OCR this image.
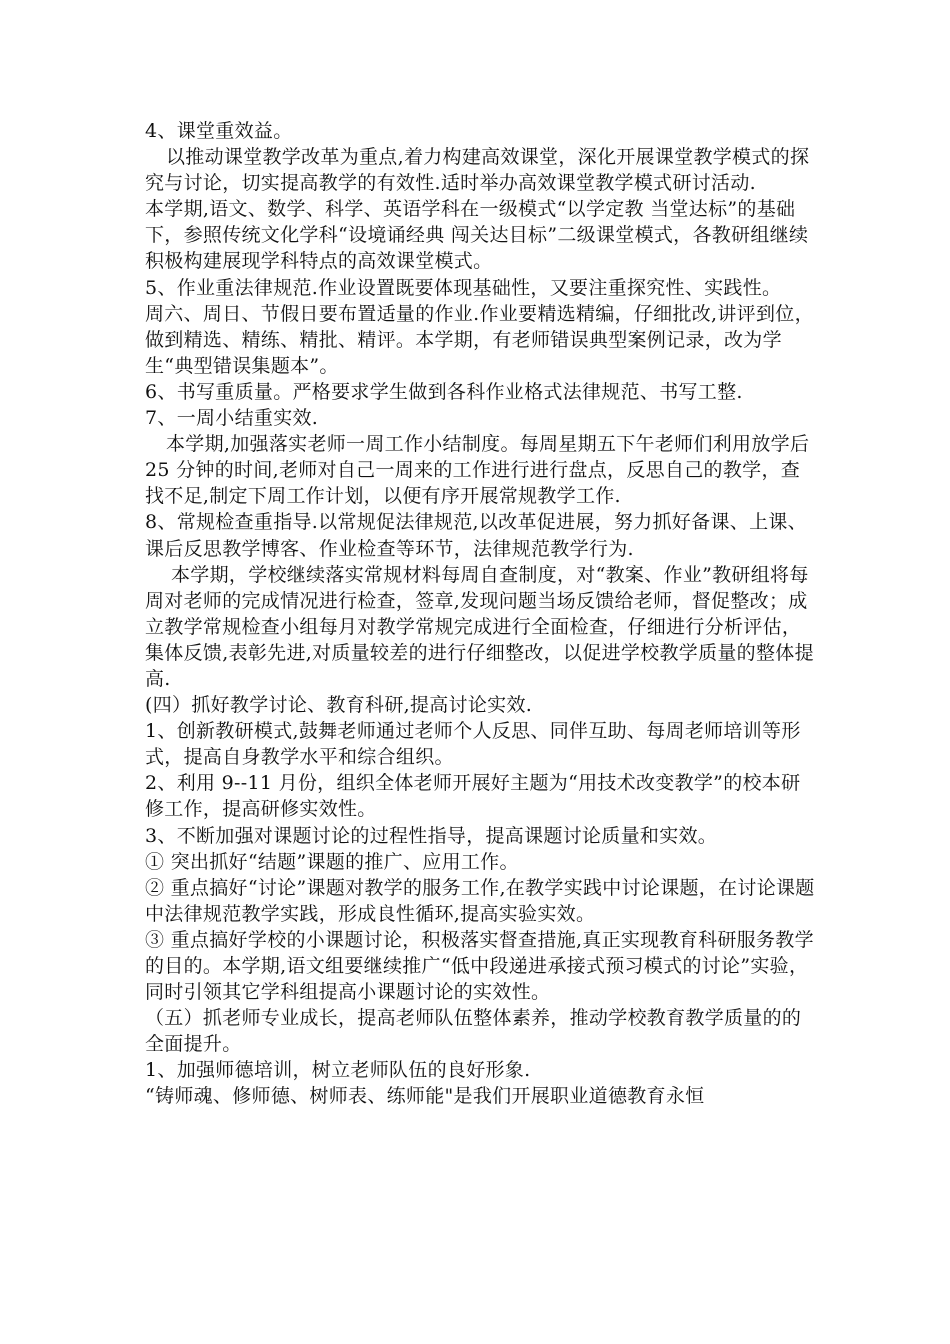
4、课堂重效益。

以推动课堂教学改革为重点,着力构建高效课堂，深化开展课堂教学模式的探究与讨论，切实提高教学的有效性.适时举办高效课堂教学模式研讨活动.

本学期,语文、数学、科学、英语学科在一级模式“以学定教 当堂达标”的基础下，参照传统文化学科“设境诵经典 闯关达目标”二级课堂模式，各教研组继续积极构建展现学科特点的高效课堂模式。

5、作业重法律规范.作业设置既要体现基础性，又要注重探究性、实践性。

周六、周日、节假日要布置适量的作业.作业要精选精编，仔细批改,讲评到位，做到精选、精练、精批、精评。本学期，有老师错误典型案例记录，改为学生“典型错误集题本”。

6、书写重质量。严格要求学生做到各科作业格式法律规范、书写工整.

7、一周小结重实效.

本学期,加强落实老师一周工作小结制度。每周星期五下午老师们利用放学后 25 分钟的时间,老师对自己一周来的工作进行进行盘点，反思自己的教学，查找不足,制定下周工作计划，以便有序开展常规教学工作.

8、常规检查重指导.以常规促法律规范,以改革促进展，努力抓好备课、上课、课后反思教学博客、作业检查等环节，法律规范教学行为.

本学期，学校继续落实常规材料每周自查制度，对“教案、作业”教研组将每周对老师的完成情况进行检查，签章,发现问题当场反馈给老师，督促整改；成立教学常规检查小组每月对教学常规完成进行全面检查，仔细进行分析评估，集体反馈,表彰先进,对质量较差的进行仔细整改，以促进学校教学质量的整体提高.

(四）抓好教学讨论、教育科研,提高讨论实效.

1、创新教研模式,鼓舞老师通过老师个人反思、同伴互助、每周老师培训等形式，提高自身教学水平和综合组织。

2、利用 9--11 月份，组织全体老师开展好主题为“用技术改变教学”的校本研修工作，提高研修实效性。

3、不断加强对课题讨论的过程性指导，提高课题讨论质量和实效。

① 突出抓好“结题”课题的推广、应用工作。

② 重点搞好“讨论”课题对教学的服务工作,在教学实践中讨论课题，在讨论课题中法律规范教学实践，形成良性循环,提高实验实效。

③ 重点搞好学校的小课题讨论，积极落实督查措施,真正实现教育科研服务教学的目的。本学期,语文组要继续推广“低中段递进承接式预习模式的讨论”实验，同时引领其它学科组提高小课题讨论的实效性。

（五）抓老师专业成长，提高老师队伍整体素养，推动学校教育教学质量的的全面提升。

1、加强师德培训，树立老师队伍的良好形象.

“铸师魂、修师德、树师表、练师能"是我们开展职业道德教育永恒
